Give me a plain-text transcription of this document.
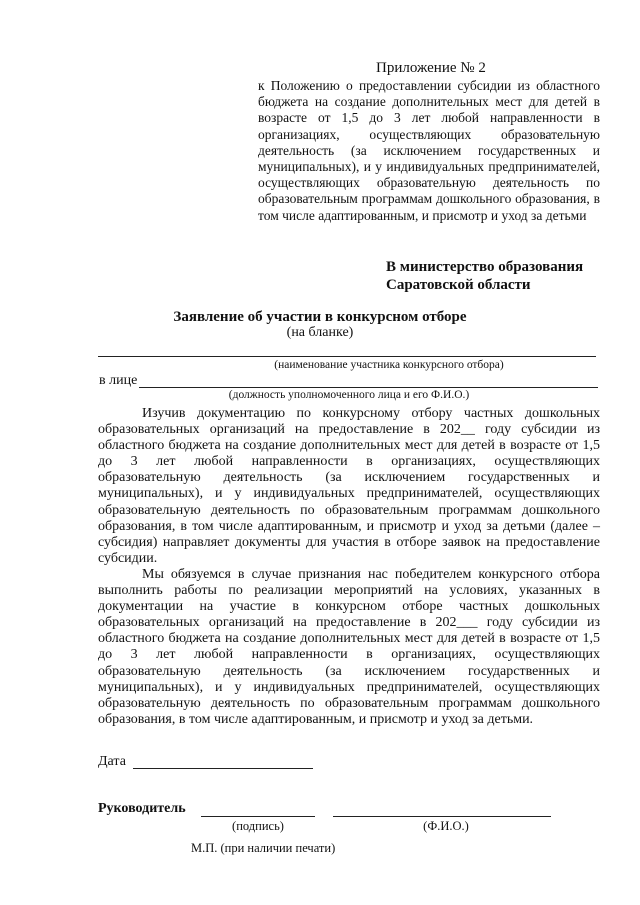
Приложение № 2
к Положению о предоставлении субсидии из областного бюджета на создание дополнительных мест для детей в возрасте от 1,5 до 3 лет любой направленности в организациях, осуществляющих образовательную деятельность (за исключением государственных и муниципальных), и у индивидуальных предпринимателей, осуществляющих образовательную деятельность по образовательным программам дошкольного образования, в том числе адаптированным, и присмотр и уход за детьми
В министерство образования
Саратовской области
Заявление об участии в конкурсном отборе
(на бланке)
(наименование участника конкурсного отбора)
в лице
(должность уполномоченного лица и его Ф.И.О.)

Изучив документацию по конкурсному отбору частных дошкольных образовательных организаций на предоставление в 202__ году субсидии из областного бюджета на создание дополнительных мест для детей в возрасте от 1,5 до 3 лет любой направленности в организациях, осуществляющих образовательную деятельность (за исключением государственных и муниципальных), и у индивидуальных предпринимателей, осуществляющих образовательную деятельность по образовательным программам дошкольного образования, в том числе адаптированным, и присмотр и уход за детьми (далее – субсидия) направляет документы для участия в отборе заявок на предоставление субсидии.

Мы обязуемся в случае признания нас победителем конкурсного отбора выполнить работы по реализации мероприятий на условиях, указанных в документации на участие в конкурсном отборе частных дошкольных образовательных организаций на предоставление в 202___ году субсидии из областного бюджета на создание дополнительных мест для детей в возрасте от 1,5 до 3 лет любой направленности в организациях, осуществляющих образовательную деятельность (за исключением государственных и муниципальных), и у индивидуальных предпринимателей, осуществляющих образовательную деятельность по образовательным программам дошкольного образования, в том числе адаптированным, и присмотр и уход за детьми.

Дата
Руководитель
(подпись)	(Ф.И.О.)
М.П. (при наличии печати)
